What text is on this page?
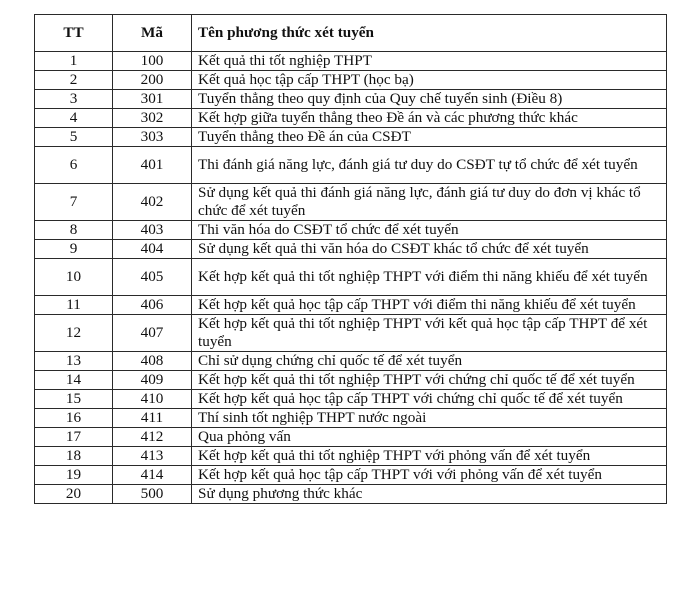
TT	Mã	Tên phương thức xét tuyển
1	100	Kết quả thi tốt nghiệp THPT
2	200	Kết quả học tập cấp THPT (học bạ)
3	301	Tuyển thẳng theo quy định của Quy chế tuyển sinh (Điều 8)
4	302	Kết hợp giữa tuyển thẳng theo Đề án và các phương thức khác
5	303	Tuyển thẳng theo Đề án của CSĐT
6	401	Thi đánh giá năng lực, đánh giá tư duy do CSĐT tự tổ chức để xét tuyển
7	402	Sử dụng kết quả thi đánh giá năng lực, đánh giá tư duy do đơn vị khác tổ chức để xét tuyển
8	403	Thi văn hóa do CSĐT tổ chức để xét tuyển
9	404	Sử dụng kết quả thi văn hóa do CSĐT khác tổ chức để xét tuyển
10	405	Kết hợp kết quả thi tốt nghiệp THPT với điểm thi năng khiếu để xét tuyển
11	406	Kết hợp kết quả học tập cấp THPT với điểm thi năng khiếu để xét tuyển
12	407	Kết hợp kết quả thi tốt nghiệp THPT với kết quả học tập cấp THPT để xét tuyển
13	408	Chỉ sử dụng chứng chỉ quốc tế để xét tuyển
14	409	Kết hợp kết quả thi tốt nghiệp THPT với chứng chỉ quốc tế để xét tuyển
15	410	Kết hợp kết quả học tập cấp THPT với chứng chỉ quốc tế để xét tuyển
16	411	Thí sinh tốt nghiệp THPT nước ngoài
17	412	Qua phỏng vấn
18	413	Kết hợp kết quả thi tốt nghiệp THPT với phỏng vấn để xét tuyển
19	414	Kết hợp kết quả học tập cấp THPT với với phỏng vấn để xét tuyển
20	500	Sử dụng phương thức khác
